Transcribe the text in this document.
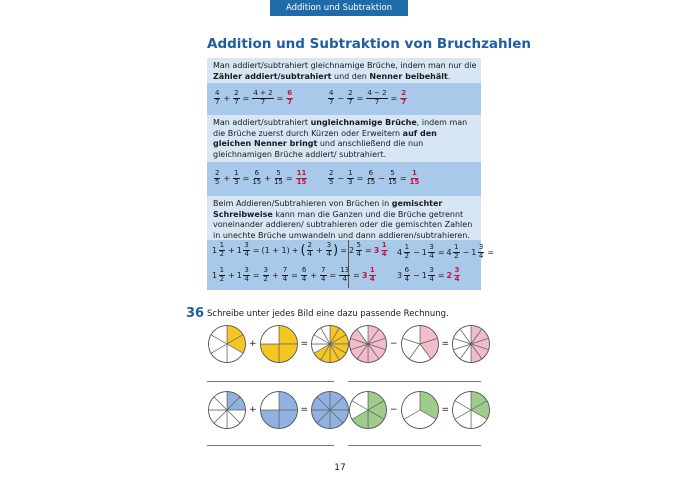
Addition und Subtraktion
Addition und Subtraktion von Bruchzahlen
Man addiert/subtrahiert gleichnamige Brüche, indem man nur die Zähler addiert/subtrahiert und den Nenner beibehält.
$\frac{4}{7} + \frac{2}{7} = \frac{4 + 2}{7} = \frac{6}{7}$	$\frac{4}{7} - \frac{2}{7} = \frac{4 - 2}{7} = \frac{2}{7}$
Man addiert/subtrahiert ungleichnamige Brüche, indem man die Brüche zuerst durch Kürzen oder Erweitern auf den gleichen Nenner bringt und anschließend die nun gleichnamigen Brüche addiert/ subtrahiert.
$\frac{2}{5} + \frac{1}{3} = \frac{6}{15} + \frac{5}{15} = \frac{11}{15}$	$\frac{2}{5} - \frac{1}{3} = \frac{6}{15} - \frac{5}{15} = \frac{1}{15}$
Beim Addieren/Subtrahieren von Brüchen in gemischter Schreibweise kann man die Ganzen und die Brüche getrennt voneinander addieren/ subtrahieren oder die gemischten Zahlen in unechte Brüche umwandeln und dann addieren/subtrahieren.
$1 \frac{1}{2} + 1 \frac{3}{4} = (1 + 1)$ + ( $\frac{2}{4} + \frac{3}{4}$ ) = $2 \frac{5}{4} = 3 \frac{1}{4}$
$1 \frac{1}{2} + 1 \frac{3}{4} = \frac{3}{2} + \frac{7}{4} = \frac{6}{4} + \frac{7}{4} = \frac{13}{4} = 3 \frac{1}{4}$
$4 \frac{1}{2} - 1 \frac{3}{4} = 4 \frac{1}{2} - 1 \frac{3}{4}$ =
$3 \frac{6}{4} - 1 \frac{3}{4} = 2 \frac{3}{4}$
36 Schreibe unter jedes Bild eine dazu passende Rechnung.
+	=	−	=
+	=	−	=
17
